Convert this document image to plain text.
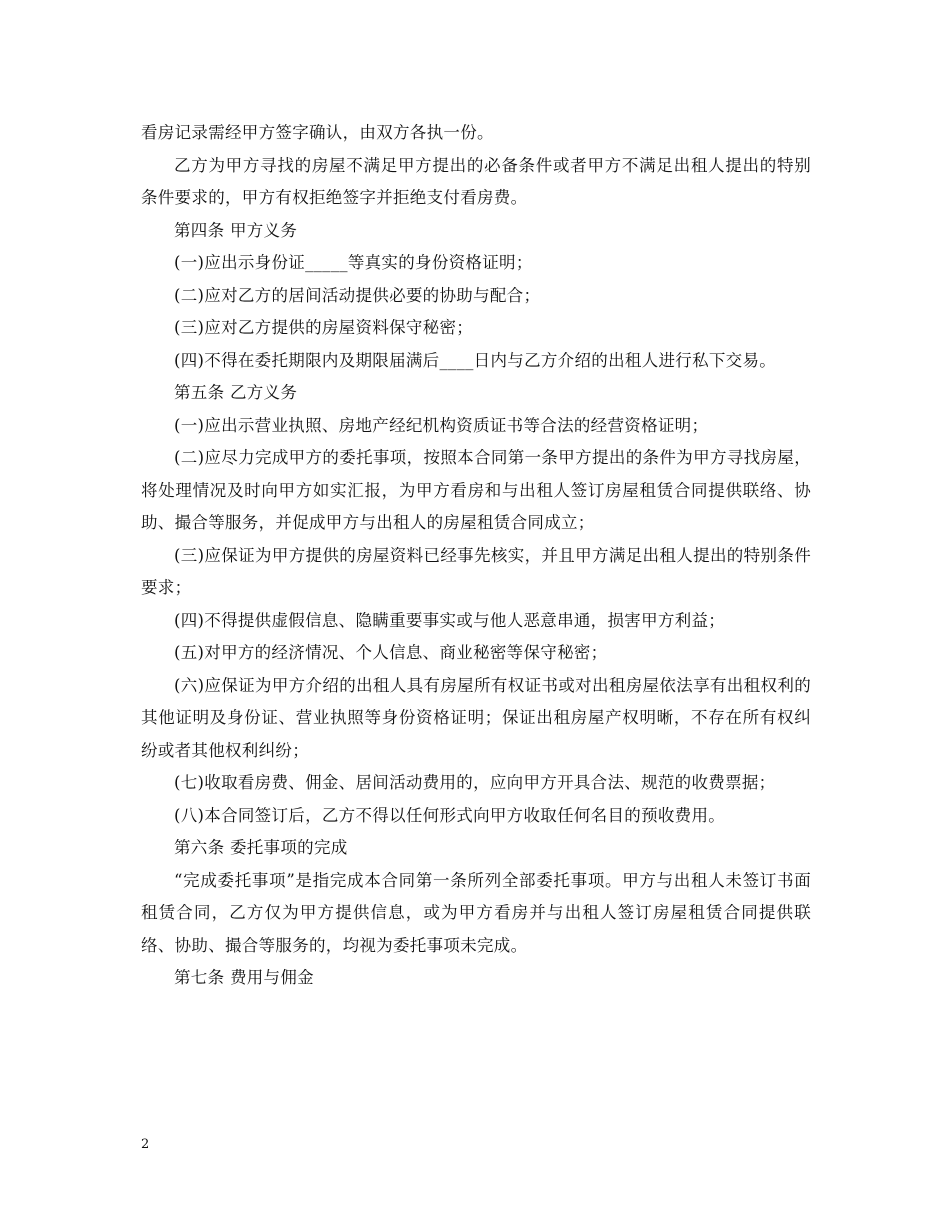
看房记录需经甲方签字确认，由双方各执一份。

乙方为甲方寻找的房屋不满足甲方提出的必备条件或者甲方不满足出租人提出的特别条件要求的，甲方有权拒绝签字并拒绝支付看房费。

第四条 甲方义务

(一)应出示身份证_____等真实的身份资格证明；

(二)应对乙方的居间活动提供必要的协助与配合；

(三)应对乙方提供的房屋资料保守秘密；

(四)不得在委托期限内及期限届满后____日内与乙方介绍的出租人进行私下交易。

第五条 乙方义务

(一)应出示营业执照、房地产经纪机构资质证书等合法的经营资格证明；

(二)应尽力完成甲方的委托事项，按照本合同第一条甲方提出的条件为甲方寻找房屋，将处理情况及时向甲方如实汇报，为甲方看房和与出租人签订房屋租赁合同提供联络、协助、撮合等服务，并促成甲方与出租人的房屋租赁合同成立；

(三)应保证为甲方提供的房屋资料已经事先核实，并且甲方满足出租人提出的特别条件要求；

(四)不得提供虚假信息、隐瞒重要事实或与他人恶意串通，损害甲方利益；

(五)对甲方的经济情况、个人信息、商业秘密等保守秘密；

(六)应保证为甲方介绍的出租人具有房屋所有权证书或对出租房屋依法享有出租权利的其他证明及身份证、营业执照等身份资格证明；保证出租房屋产权明晰，不存在所有权纠纷或者其他权利纠纷；

(七)收取看房费、佣金、居间活动费用的，应向甲方开具合法、规范的收费票据；

(八)本合同签订后，乙方不得以任何形式向甲方收取任何名目的预收费用。

第六条 委托事项的完成

“完成委托事项”是指完成本合同第一条所列全部委托事项。甲方与出租人未签订书面租赁合同，乙方仅为甲方提供信息，或为甲方看房并与出租人签订房屋租赁合同提供联络、协助、撮合等服务的，均视为委托事项未完成。

第七条 费用与佣金

2
